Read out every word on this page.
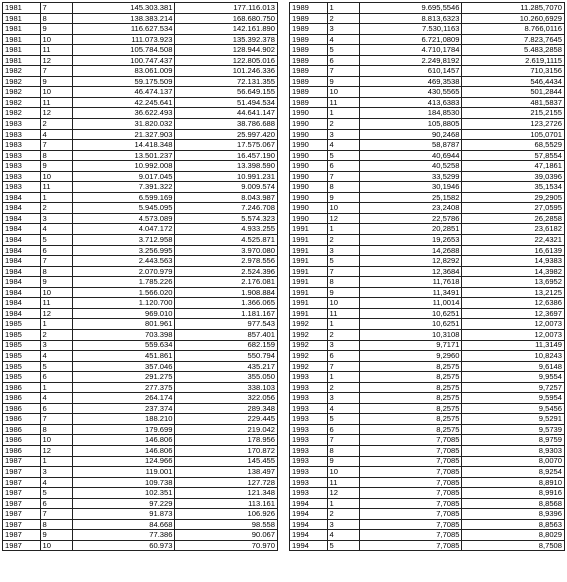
1981	7	145.303.381	177.116.013
1981	8	138.383.214	168.680.750
1981	9	116.627.534	142.161.890
1981	10	111.073.923	135.392.378
1981	11	105.784.508	128.944.902
1981	12	100.747.437	122.805.016
1982	7	83.061.009	101.246.336
1982	9	59.175.509	72.131.355
1982	10	46.474.137	56.649.155
1982	11	42.245.641	51.494.534
1982	12	36.622.493	44.641.147
1983	2	31.820.032	38.786.688
1983	4	21.327.903	25.997.420
1983	7	14.418.348	17.575.067
1983	8	13.501.237	16.457.190
1983	9	10.992.008	13.398.590
1983	10	9.017.045	10.991.231
1983	11	7.391.322	9.009.574
1984	1	6.599.169	8.043.987
1984	2	5.945.095	7.246.708
1984	3	4.573.089	5.574.323
1984	4	4.047.172	4.933.255
1984	5	3.712.958	4.525.871
1984	6	3.256.995	3.970.080
1984	7	2.443.563	2.978.556
1984	8	2.070.979	2.524.396
1984	9	1.785.226	2.176.081
1984	10	1.566.020	1.908.884
1984	11	1.120.700	1.366.065
1984	12	969.010	1.181.167
1985	1	801.961	977.543
1985	2	703.398	857.401
1985	3	559.634	682.159
1985	4	451.861	550.794
1985	5	357.046	435.217
1985	6	291.275	355.050
1986	1	277.375	338.103
1986	4	264.174	322.056
1986	6	237.374	289.348
1986	7	188.210	229.445
1986	8	179.699	219.042
1986	10	146.806	178.956
1986	12	146.806	170.872
1987	1	124.966	145.455
1987	3	119.001	138.497
1987	4	109.738	127.728
1987	5	102.351	121.348
1987	6	97.229	113.161
1987	7	91.873	106.926
1987	8	84.668	98.558
1987	9	77.386	90.067
1987	10	60.973	70.970
1989	1	9.695,5546	11.285,7070
1989	2	8.813,6323	10.260,6929
1989	3	7.530,1163	8.766,0116
1989	4	6.721,0809	7.823,7645
1989	5	4.710,1784	5.483,2858
1989	6	2.249,8192	2.619,1115
1989	7	610,1457	710,3156
1989	9	469,3538	546,4434
1989	10	430,5565	501,2844
1989	11	413,6383	481,5837
1990	1	184,8530	215,2155
1990	2	105,8805	123,2726
1990	3	90,2468	105,0701
1990	4	58,8787	68,5529
1990	5	40,6944	57,8554
1990	6	40,5258	47,1861
1990	7	33,5299	39,0396
1990	8	30,1946	35,1534
1990	9	25,1582	29,2905
1990	10	23,2408	27,0595
1990	12	22,5786	26,2858
1991	1	20,2851	23,6182
1991	2	19,2653	22,4321
1991	3	14,2688	16,6139
1991	5	12,8292	14,9383
1991	7	12,3684	14,3982
1991	8	11,7618	13,6952
1991	9	11,3491	13,2125
1991	10	11,0014	12,6386
1991	11	10,6251	12,3697
1992	1	10,6251	12,0073
1992	2	10,3108	12,0073
1992	3	9,7171	11,3149
1992	6	9,2960	10,8243
1992	7	8,2575	9,6148
1993	1	8,2575	9,9554
1993	2	8,2575	9,7257
1993	3	8,2575	9,5954
1993	4	8,2575	9,5456
1993	5	8,2575	9,5291
1993	6	8,2575	9,5739
1993	7	7,7085	8,9759
1993	8	7,7085	8,9303
1993	9	7,7085	8,0070
1993	10	7,7085	8,9254
1993	11	7,7085	8,8910
1993	12	7,7085	8,9916
1994	1	7,7085	8,8568
1994	2	7,7085	8,9396
1994	3	7,7085	8,8563
1994	4	7,7085	8,8029
1994	5	7,7085	8,7508
